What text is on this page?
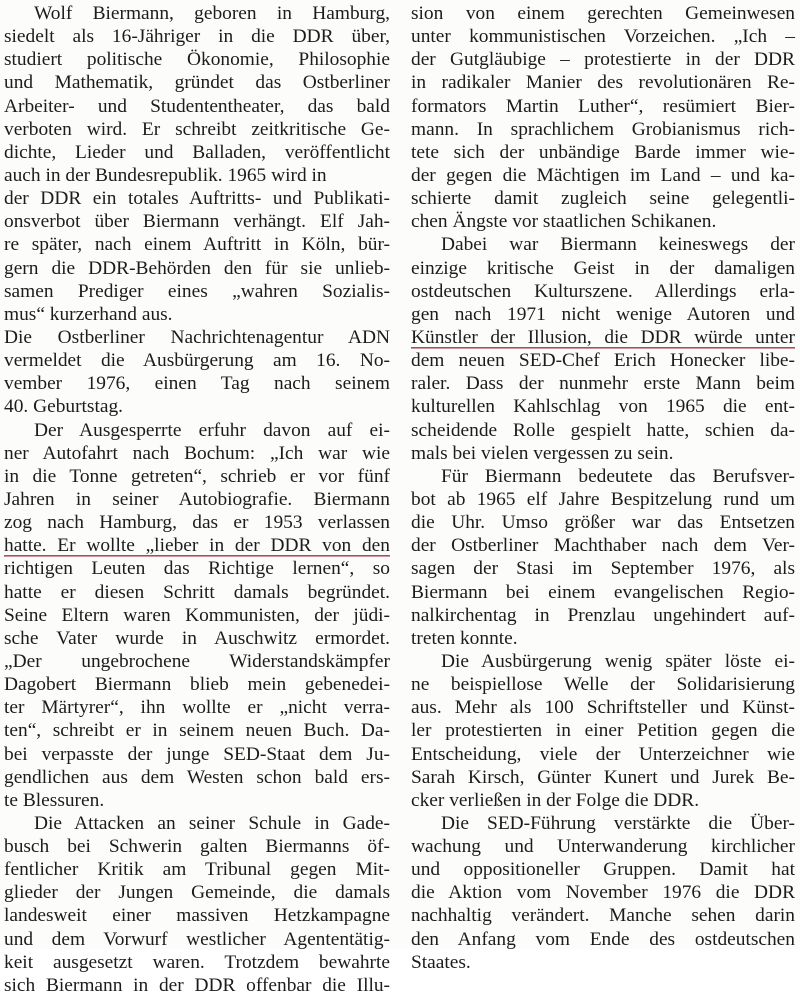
Wolf Biermann, geboren in Hamburg,
siedelt als 16-Jähriger in die DDR über,
studiert politische Ökonomie, Philosophie
und Mathematik, gründet das Ostberliner
Arbeiter- und Studententheater, das bald
verboten wird. Er schreibt zeitkritische Ge-
dichte, Lieder und Balladen, veröffentlicht
auch in der Bundesrepublik. 1965 wird in
der DDR ein totales Auftritts- und Publikati-
onsverbot über Biermann verhängt. Elf Jah-
re später, nach einem Auftritt in Köln, bür-
gern die DDR-Behörden den für sie unlieb-
samen Prediger eines „wahren Sozialis-
mus“ kurzerhand aus.
Die Ostberliner Nachrichtenagentur ADN
vermeldet die Ausbürgerung am 16. No-
vember 1976, einen Tag nach seinem
40. Geburtstag.
Der Ausgesperrte erfuhr davon auf ei-
ner Autofahrt nach Bochum: „Ich war wie
in die Tonne getreten“, schrieb er vor fünf
Jahren in seiner Autobiografie. Biermann
zog nach Hamburg, das er 1953 verlassen
hatte. Er wollte „lieber in der DDR von den
richtigen Leuten das Richtige lernen“, so
hatte er diesen Schritt damals begründet.
Seine Eltern waren Kommunisten, der jüdi-
sche Vater wurde in Auschwitz ermordet.
„Der ungebrochene Widerstandskämpfer
Dagobert Biermann blieb mein gebenedei-
ter Märtyrer“, ihn wollte er „nicht verra-
ten“, schreibt er in seinem neuen Buch. Da-
bei verpasste der junge SED-Staat dem Ju-
gendlichen aus dem Westen schon bald ers-
te Blessuren.
Die Attacken an seiner Schule in Gade-
busch bei Schwerin galten Biermanns öf-
fentlicher Kritik am Tribunal gegen Mit-
glieder der Jungen Gemeinde, die damals
landesweit einer massiven Hetzkampagne
und dem Vorwurf westlicher Agententätig-
keit ausgesetzt waren. Trotzdem bewahrte
sich Biermann in der DDR offenbar die Illu-
sion von einem gerechten Gemeinwesen
unter kommunistischen Vorzeichen. „Ich –
der Gutgläubige – protestierte in der DDR
in radikaler Manier des revolutionären Re-
formators Martin Luther“, resümiert Bier-
mann. In sprachlichem Grobianismus rich-
tete sich der unbändige Barde immer wie-
der gegen die Mächtigen im Land – und ka-
schierte damit zugleich seine gelegentli-
chen Ängste vor staatlichen Schikanen.
Dabei war Biermann keineswegs der
einzige kritische Geist in der damaligen
ostdeutschen Kulturszene. Allerdings erla-
gen nach 1971 nicht wenige Autoren und
Künstler der Illusion, die DDR würde unter
dem neuen SED-Chef Erich Honecker libe-
raler. Dass der nunmehr erste Mann beim
kulturellen Kahlschlag von 1965 die ent-
scheidende Rolle gespielt hatte, schien da-
mals bei vielen vergessen zu sein.
Für Biermann bedeutete das Berufsver-
bot ab 1965 elf Jahre Bespitzelung rund um
die Uhr. Umso größer war das Entsetzen
der Ostberliner Machthaber nach dem Ver-
sagen der Stasi im September 1976, als
Biermann bei einem evangelischen Regio-
nalkirchentag in Prenzlau ungehindert auf-
treten konnte.
Die Ausbürgerung wenig später löste ei-
ne beispiellose Welle der Solidarisierung
aus. Mehr als 100 Schriftsteller und Künst-
ler protestierten in einer Petition gegen die
Entscheidung, viele der Unterzeichner wie
Sarah Kirsch, Günter Kunert und Jurek Be-
cker verließen in der Folge die DDR.
Die SED-Führung verstärkte die Über-
wachung und Unterwanderung kirchlicher
und oppositioneller Gruppen. Damit hat
die Aktion vom November 1976 die DDR
nachhaltig verändert. Manche sehen darin
den Anfang vom Ende des ostdeutschen
Staates.
